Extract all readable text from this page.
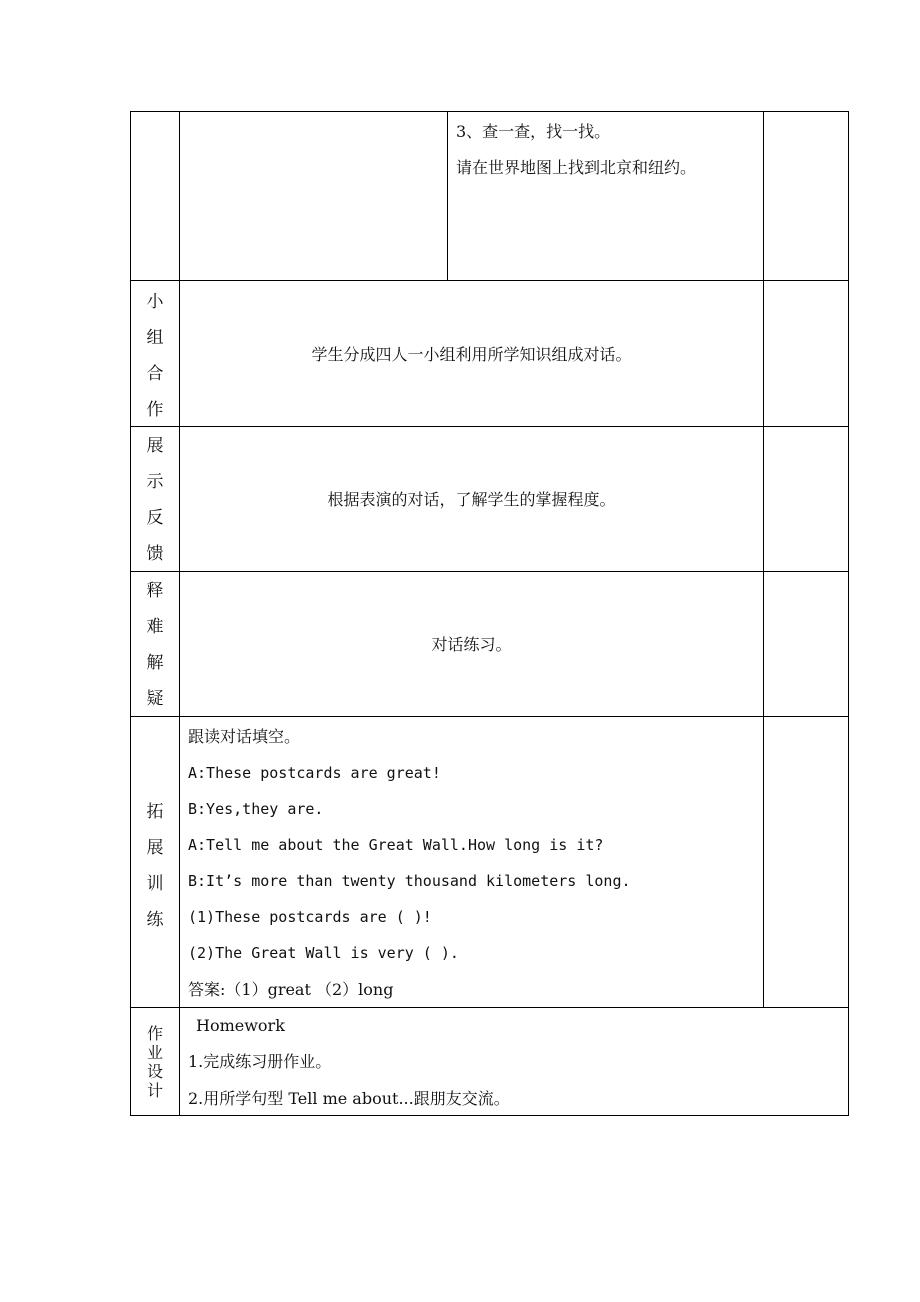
3、查一查，找一找。
请在世界地图上找到北京和纽约。
小
组
合
作
学生分成四人一小组利用所学知识组成对话。
展
示
反
馈
根据表演的对话，了解学生的掌握程度。
释
难
解
疑
对话练习。
拓
展
训
练
跟读对话填空。
A:These postcards are great!
B:Yes,they are.
A:Tell me about the Great Wall.How long is it?
B:It’s more than twenty thousand kilometers long.
(1)These postcards are ( )!
(2)The Great Wall is very ( ).
答案:（1）great （2）long
作
业
设
计
Homework
1.完成练习册作业。
2.用所学句型 Tell me about...跟朋友交流。
